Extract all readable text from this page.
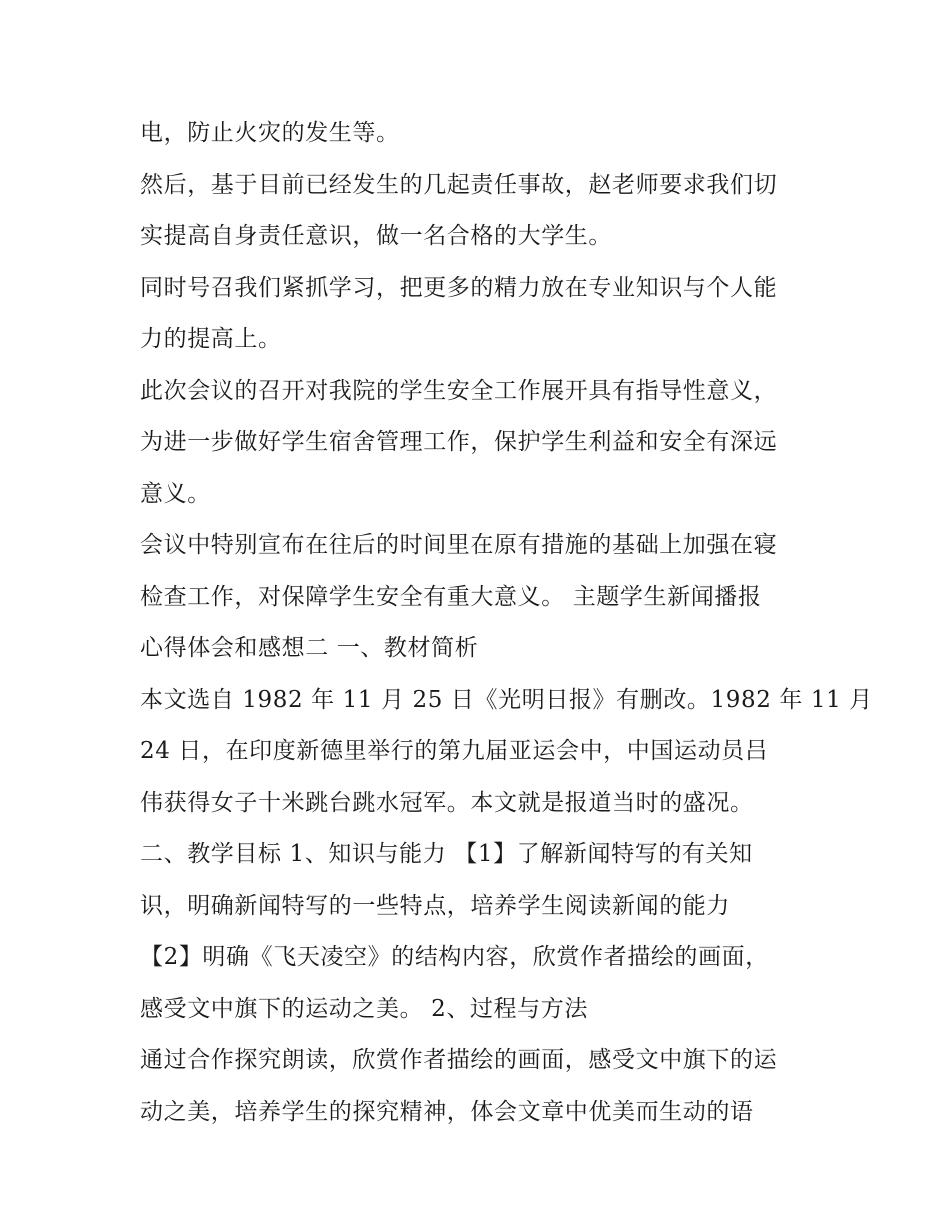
电，防止火灾的发生等。
然后，基于目前已经发生的几起责任事故，赵老师要求我们切
实提高自身责任意识，做一名合格的大学生。
同时号召我们紧抓学习，把更多的精力放在专业知识与个人能
力的提高上。
此次会议的召开对我院的学生安全工作展开具有指导性意义，
为进一步做好学生宿舍管理工作，保护学生利益和安全有深远
意义。
会议中特别宣布在往后的时间里在原有措施的基础上加强在寝
检查工作，对保障学生安全有重大意义。 主题学生新闻播报
心得体会和感想二 一、教材简析
本文选自 1982 年 11 月 25 日《光明日报》有删改。1982 年 11 月
24 日，在印度新德里举行的第九届亚运会中，中国运动员吕
伟获得女子十米跳台跳水冠军。本文就是报道当时的盛况。
二、教学目标 1、知识与能力 【1】了解新闻特写的有关知
识，明确新闻特写的一些特点，培养学生阅读新闻的能力
【2】明确《飞天凌空》的结构内容，欣赏作者描绘的画面，
感受文中旗下的运动之美。 2、过程与方法
通过合作探究朗读，欣赏作者描绘的画面，感受文中旗下的运
动之美，培养学生的探究精神，体会文章中优美而生动的语
